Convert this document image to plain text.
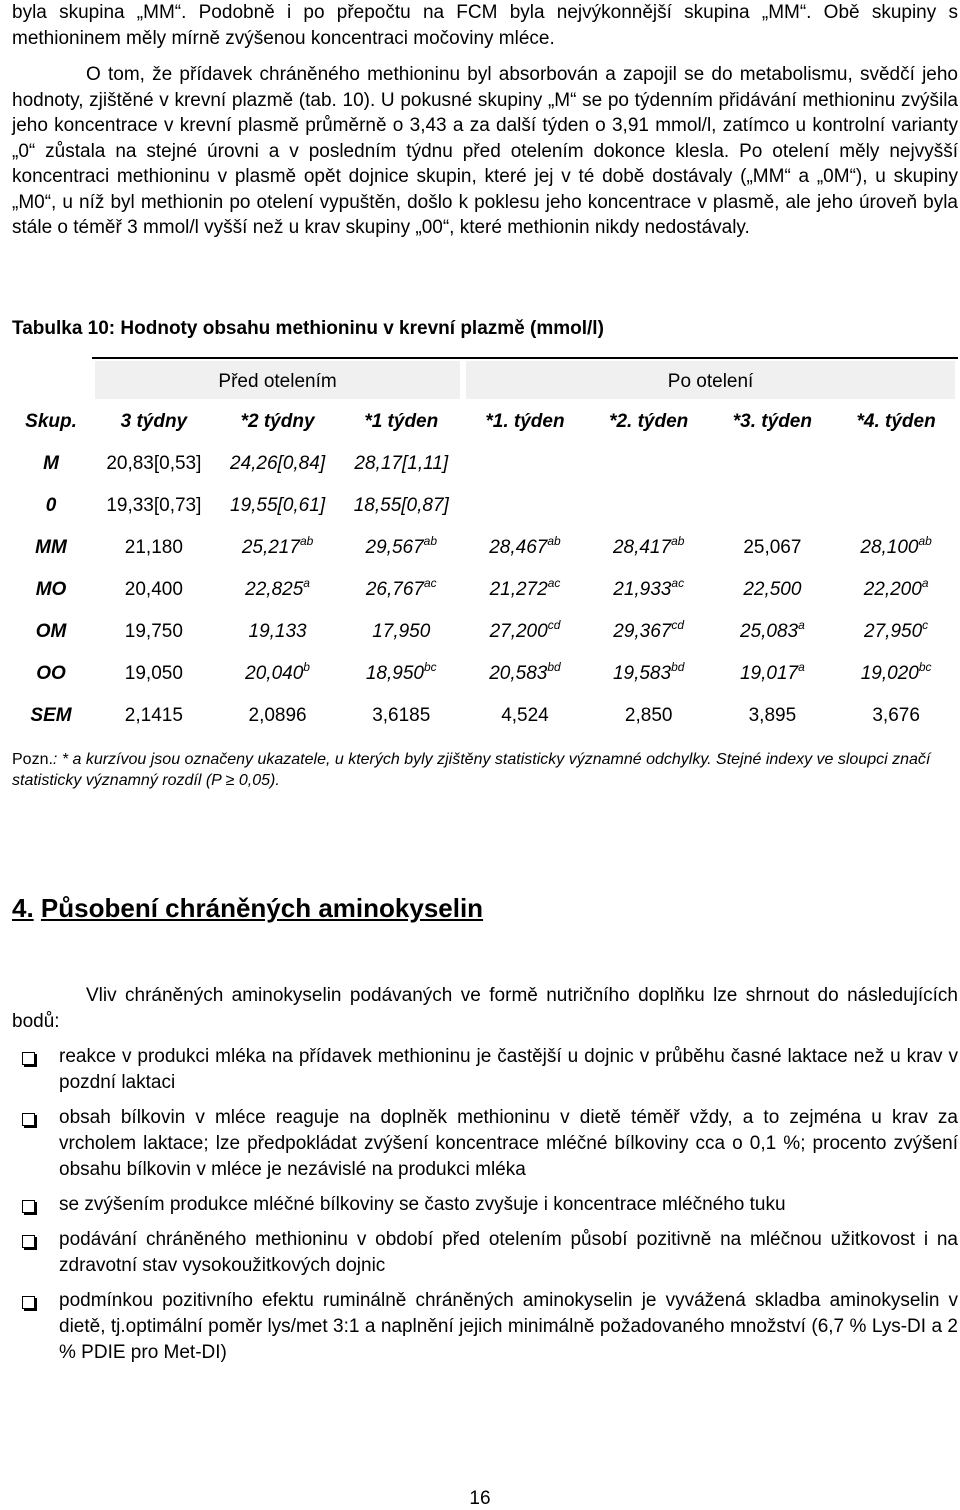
byla skupina „MM“. Podobně i po přepočtu na FCM byla nejvýkonnější skupina „MM“. Obě skupiny s methioninem měly mírně zvýšenou koncentraci močoviny mléce.

O tom, že přídavek chráněného methioninu byl absorbován a zapojil se do metabolismu, svědčí jeho hodnoty, zjištěné v krevní plazmě (tab. 10). U pokusné skupiny „M“ se po týdenním přidávání methioninu zvýšila jeho koncentrace v krevní plasmě průměrně o 3,43 a za další týden o 3,91 mmol/l, zatímco u kontrolní varianty „0“ zůstala na stejné úrovni a v posledním týdnu před otelením dokonce klesla. Po otelení měly nejvyšší koncentraci methioninu v plasmě opět dojnice skupin, které jej v té době dostávaly („MM“ a „0M“), u skupiny „M0“, u níž byl methionin po otelení vypuštěn, došlo k poklesu jeho koncentrace v plasmě, ale jeho úroveň byla stále o téměř 3 mmol/l vyšší než u krav skupiny „00“, které methionin nikdy nedostávaly.

Tabulka 10: Hodnoty obsahu methioninu v krevní plazmě (mmol/l)

	Před otelením			Po otelení			

Skup.	3 týdny	*2 týdny	*1 týden	*1. týden	*2. týden	*3. týden	*4. týden
M	20,83[0,53]	24,26[0,84]	28,17[1,11]				

0	19,33[0,73]	19,55[0,61]	18,55[0,87]				

MM	21,180	25,217$^{ab}$	29,567$^{ab}$	28,467$^{ab}$	28,417$^{ab}$	25,067	28,100$^{ab}$

MO	20,400	22,825$^a$	26,767$^{ac}$	21,272$^{ac}$	21,933$^{ac}$	22,500	22,200$^a$

OM	19,750	19,133	17,950	27,200$^{cd}$	29,367$^{cd}$	25,083$^a$	27,950$^c$

OO	19,050	20,040$^b$	18,950$^{bc}$	20,583$^{bd}$	19,583$^{bd}$	19,017$^a$	19,020$^{bc}$

SEM	2,1415	2,0896	3,6185	4,524	2,850	3,895	3,676

Pozn.: * a kurzívou jsou označeny ukazatele, u kterých byly zjištěny statisticky významné odchylky. Stejné indexy ve sloupci značí statisticky významný rozdíl (P ≥ 0,05).

4. Působení chráněných aminokyselin

Vliv chráněných aminokyselin podávaných ve formě nutričního doplňku lze shrnout do následujících bodů:

reakce v produkci mléka na přídavek methioninu je častější u dojnic v průběhu časné laktace než u krav v pozdní laktaci
obsah bílkovin v mléce reaguje na doplněk methioninu v dietě téměř vždy, a to zejména u krav za vrcholem laktace; lze předpokládat zvýšení koncentrace mléčné bílkoviny cca o 0,1 %; procento zvýšení obsahu bílkovin v mléce je nezávislé na produkci mléka
se zvýšením produkce mléčné bílkoviny se často zvyšuje i koncentrace mléčného tuku
podávání chráněného methioninu v období před otelením působí pozitivně na mléčnou užitkovost i na zdravotní stav vysokoužitkových dojnic
podmínkou pozitivního efektu ruminálně chráněných aminokyselin je vyvážená skladba aminokyselin v dietě, tj.optimální poměr lys/met 3:1 a naplnění jejich minimálně požadovaného množství (6,7 % Lys-DI a 2 % PDIE pro Met-DI)
16
